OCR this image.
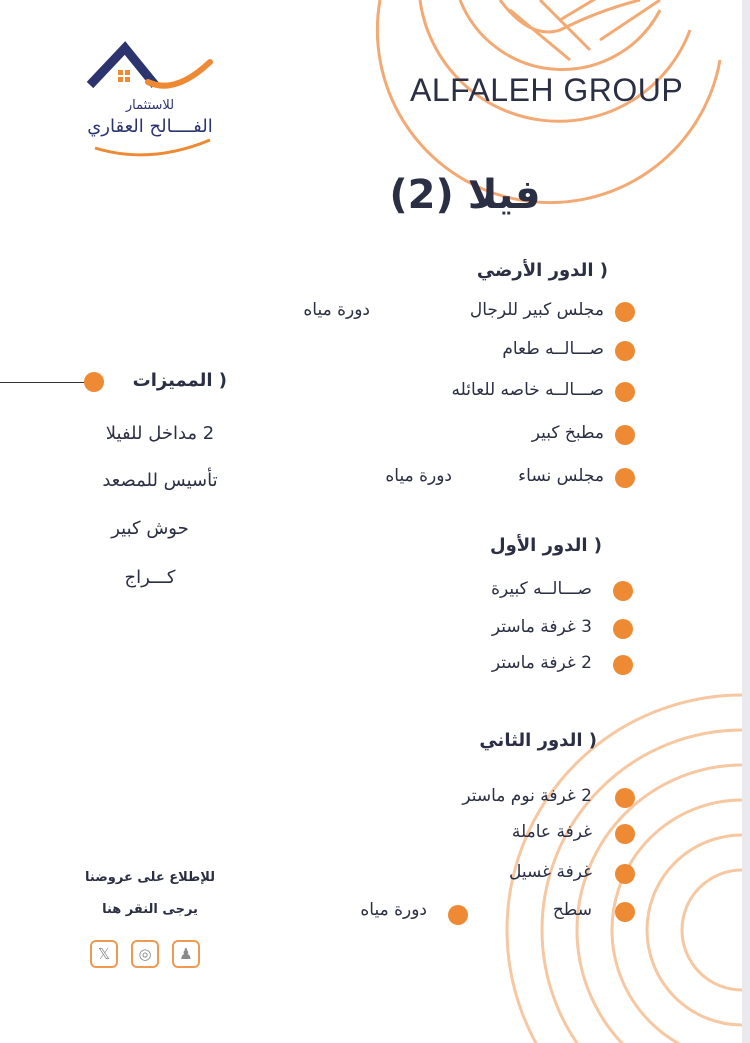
للاستثمار
الفــــالح العقاري
ALFALEH GROUP
فيلا (2)
( الدور الأرضي
مجلس كبير للرجال
دورة مياه
صـــالــه طعام
صـــالــه خاصه للعائله
مطبخ كبير
مجلس نساء
دورة مياه
( الدور الأول
صـــالــه كبيرة
3 غرفة ماستر
2 غرفة ماستر
( الدور الثاني
2 غرفة نوم ماستر
غرفة عاملة
غرفة غسيل
سطح
دورة مياه
( المميزات
2 مداخل للفيلا
تأسيس للمصعد
حوش كبير
كـــراج
للإطلاع على عروضنا
يرجى النقر هنا
𝕏 ◎ ♟
